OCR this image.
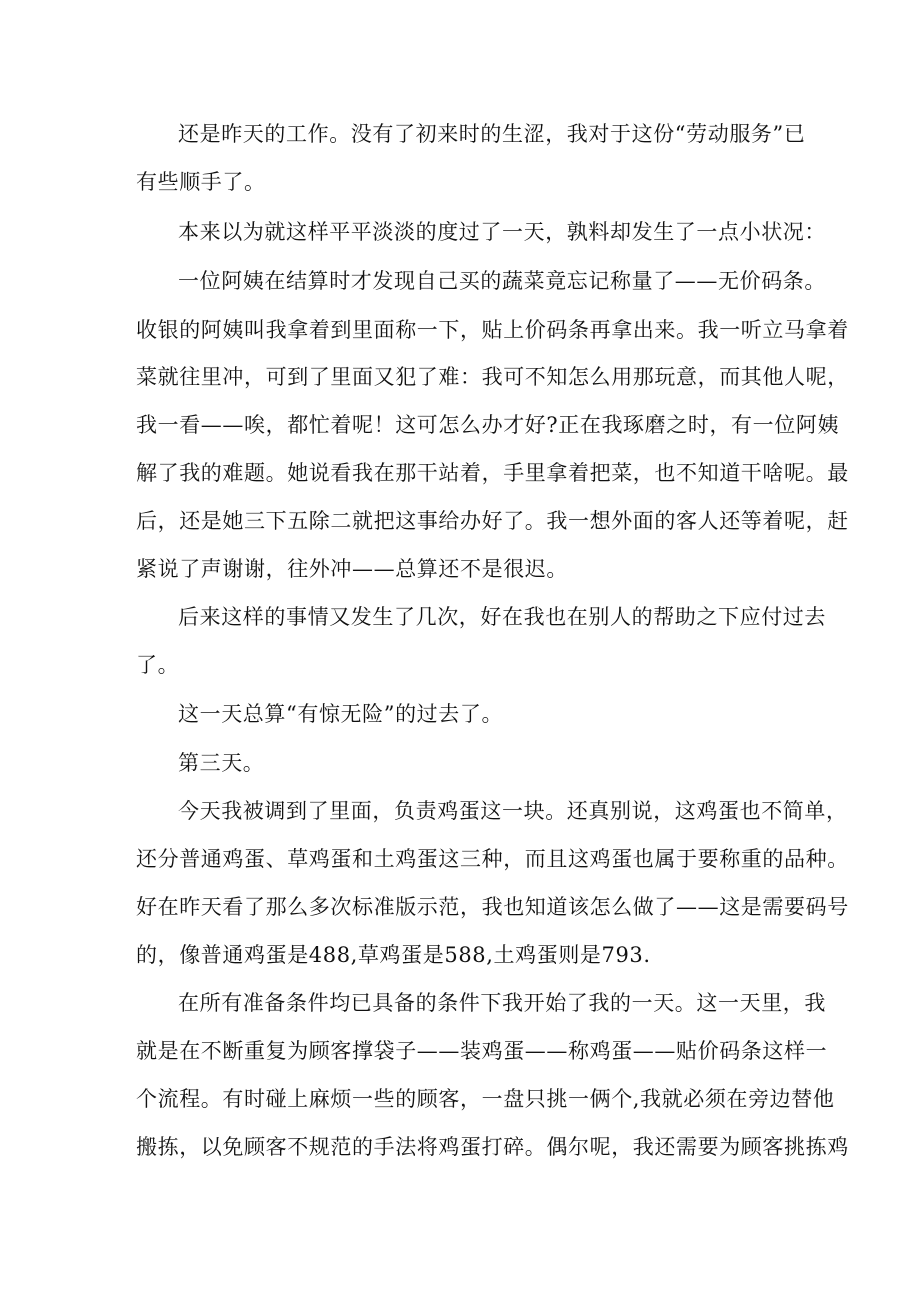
还是昨天的工作。没有了初来时的生涩，我对于这份“劳动服务”已
有些顺手了。
本来以为就这样平平淡淡的度过了一天，孰料却发生了一点小状况：
一位阿姨在结算时才发现自己买的蔬菜竟忘记称量了——无价码条。
收银的阿姨叫我拿着到里面称一下，贴上价码条再拿出来。我一听立马拿着
菜就往里冲，可到了里面又犯了难：我可不知怎么用那玩意，而其他人呢，
我一看——唉，都忙着呢！这可怎么办才好?正在我琢磨之时，有一位阿姨
解了我的难题。她说看我在那干站着，手里拿着把菜，也不知道干啥呢。最
后，还是她三下五除二就把这事给办好了。我一想外面的客人还等着呢，赶
紧说了声谢谢，往外冲——总算还不是很迟。
后来这样的事情又发生了几次，好在我也在别人的帮助之下应付过去
了。
这一天总算“有惊无险”的过去了。
第三天。
今天我被调到了里面，负责鸡蛋这一块。还真别说，这鸡蛋也不简单，
还分普通鸡蛋、草鸡蛋和土鸡蛋这三种，而且这鸡蛋也属于要称重的品种。
好在昨天看了那么多次标准版示范，我也知道该怎么做了——这是需要码号
的，像普通鸡蛋是488,草鸡蛋是588,土鸡蛋则是793.
在所有准备条件均已具备的条件下我开始了我的一天。这一天里，我
就是在不断重复为顾客撑袋子——装鸡蛋——称鸡蛋——贴价码条这样一
个流程。有时碰上麻烦一些的顾客，一盘只挑一俩个,我就必须在旁边替他
搬拣，以免顾客不规范的手法将鸡蛋打碎。偶尔呢，我还需要为顾客挑拣鸡
